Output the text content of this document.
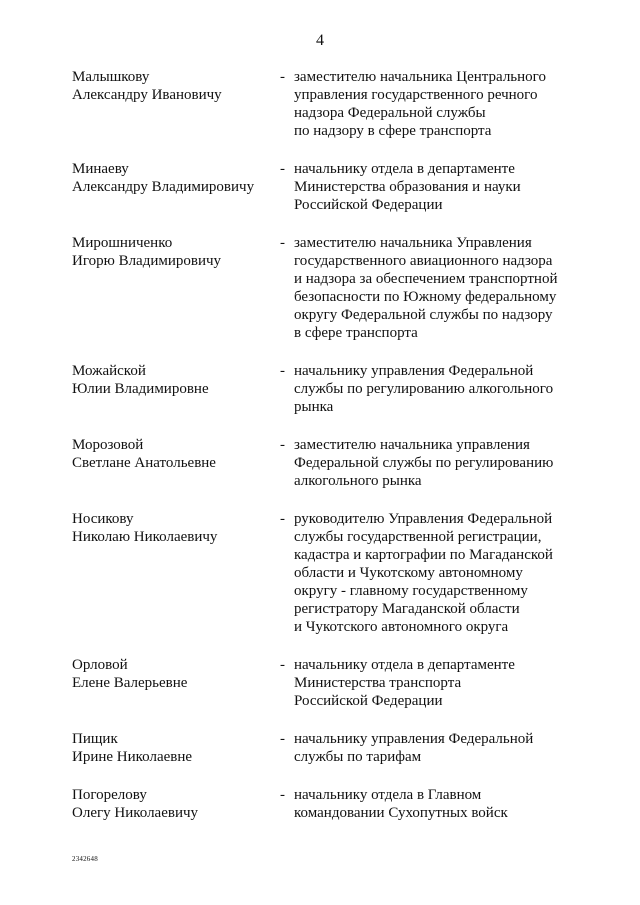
4
Малышкову
Александру Ивановичу
- заместителю начальника Центрального
управления государственного речного
надзора Федеральной службы
по надзору в сфере транспорта
Минаеву
Александру Владимировичу
- начальнику отдела в департаменте
Министерства образования и науки
Российской Федерации
Мирошниченко
Игорю Владимировичу
- заместителю начальника Управления
государственного авиационного надзора
и надзора за обеспечением транспортной
безопасности по Южному федеральному
округу Федеральной службы по надзору
в сфере транспорта
Можайской
Юлии Владимировне
- начальнику управления Федеральной
службы по регулированию алкогольного
рынка
Морозовой
Светлане Анатольевне
- заместителю начальника управления
Федеральной службы по регулированию
алкогольного рынка
Носикову
Николаю Николаевичу
- руководителю Управления Федеральной
службы государственной регистрации,
кадастра и картографии по Магаданской
области и Чукотскому автономному
округу - главному государственному
регистратору Магаданской области
и Чукотского автономного округа
Орловой
Елене Валерьевне
- начальнику отдела в департаменте
Министерства транспорта
Российской Федерации
Пищик
Ирине Николаевне
- начальнику управления Федеральной
службы по тарифам
Погорелову
Олегу Николаевичу
- начальнику отдела в Главном
командовании Сухопутных войск
2342648
